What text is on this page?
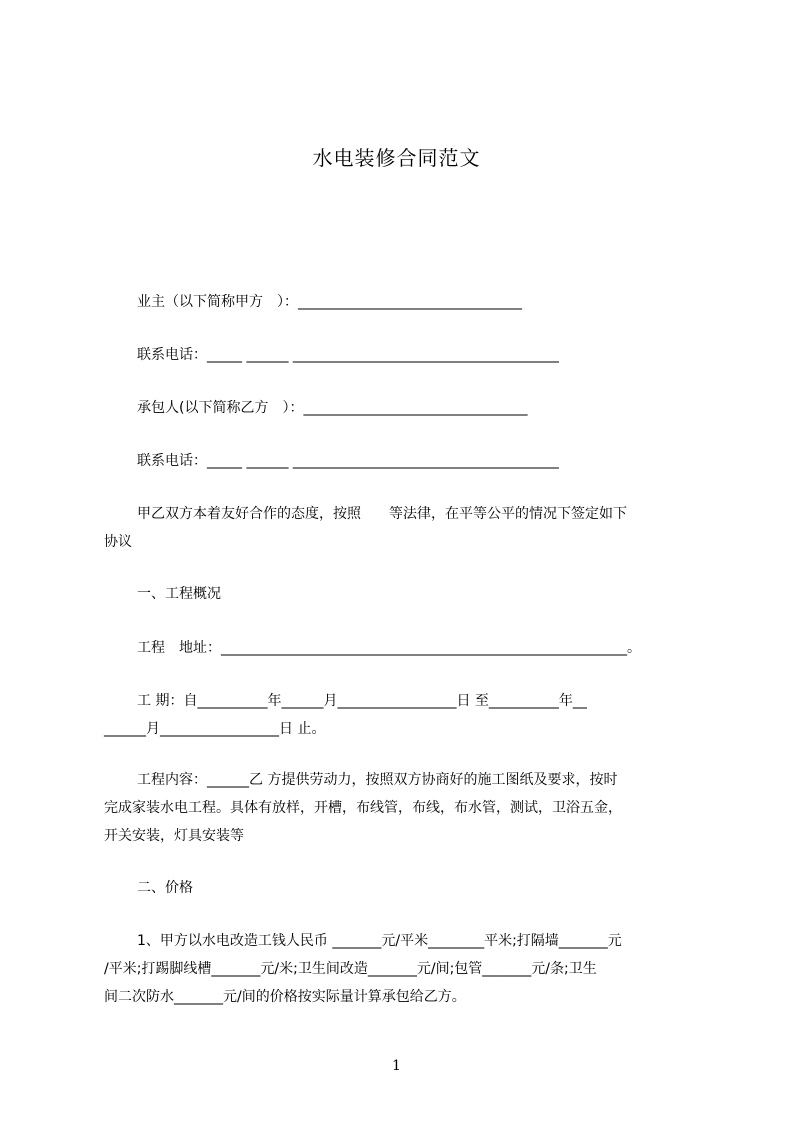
水电装修合同范文
业主（以下简称甲方　）：________________________________
联系电话：_____ ______ ______________________________________
承包人(以下简称乙方　）：________________________________
联系电话：_____ ______ ______________________________________
甲乙双方本着友好合作的态度，按照　　等法律，在平等公平的情况下签定如下
协议
一、工程概况
工程　地址：__________________________________________________________。
工 期：自__________年______月_________________日 至__________年__
______月_________________日 止。
工程内容：______乙 方提供劳动力，按照双方协商好的施工图纸及要求，按时
完成家装水电工程。具体有放样，开槽，布线管，布线，布水管，测试，卫浴五金，
开关安装，灯具安装等
二、价格
1、甲方以水电改造工钱人民币 _______元/平米________平米;打隔墙_______元
/平米;打踢脚线槽_______元/米;卫生间改造_______元/间;包管_______元/条;卫生
间二次防水_______元/间的价格按实际量计算承包给乙方。
1
